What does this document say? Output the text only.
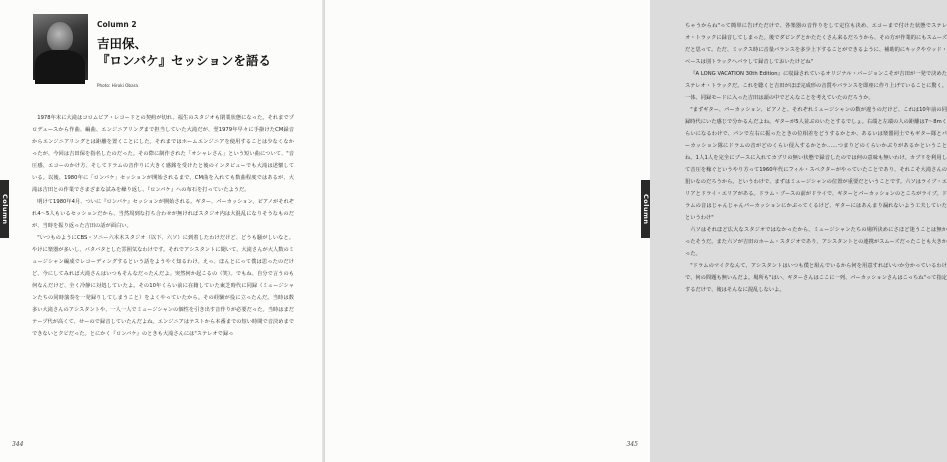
Column
Column 2
吉田保、
『ロンバケ』セッションを語る
Photo: Hiroki Obara

1978年末に大滝はコロムビア・レコードとの契約が切れ、福生のスタジオも閉業状態になった。それまでプロデュースから作曲、編曲、エンジニアリングまで担当していた大滝だが、翌1979年早々に手掛けたCM録音からエンジニアリングとは距離を置くことにした。それまではホームエンジニアを使用することは少なくなかったが、今回は吉田保を指名したのだった。その際に制作された「オシャレさん」という短い曲について、"音圧感、エコーのかけ方、そしてドラムの音作りに大きく感銘を受けたと後のインタビューでも大滝は述懐している。以後、1980年に「ロンバケ」セッションが開始されるまで、CM曲を入れても数曲程度ではあるが、大滝は吉田との作業でさまざまな試みを繰り返し、『ロンバケ』への布石を打っていたようだ。

明けて1980年4月、ついに『ロンバケ』セッションが開始される。ギター、パーカッション、ピアノがそれぞれ4〜5人もいるセッションだから、当然周到な打ち合わせが無ければスタジオ内は大混乱になりそうなものだが、当時を振り返った吉田の話が面白い。

"いつものようにCBS・ソニー六本木スタジオ（以下、六ソ）に到着したわけだけど、どうも騒がしいなと。やけに楽器が多いし、バタバタとした雰囲気なわけです。それでアシスタントに聞いて、大滝さんが大人数のミュージシャン編成でレコーディングするという話をようやく知るわけ。えっ、ほんとにって僕は思ったのだけど、今にしてみれば大滝さんはいつもそんなだったんだよ。突然何か起こるの（笑）。でもね、自分で言うのも何なんだけど、全く冷静に対処していたよ。その10年くらい前に在籍していた東芝時代に同録（ミュージシャンたちの同時演奏を一発録りしてしまうこと）をよくやっていたから。その経験が役に立ったんだ。当時は数多い大滝さんのアシスタントや、一人一人でミュージシャンの個性を引き出す音作りが必要だった。当時はまだテープ代が高くて、せーので録音していたんだよね。エンジニアはテストから本番までの短い時間で音決めまでできないとクビだった。とにかく『ロンバケ』のときも大滝さんには"ステレオで録っ

344
Column

ちゃうからね"って簡単に告げただけで、各楽器の音作りをして定位も決め、エコーまで付けた状態でステレオ・トラックに録音してしまった。後でダビングとかたたくさん来るだろうから、その方が作業的にもスムーズだと思って。ただ、ミックス時に音量バランスを多少上下することができるように、補助的にキックやウッド・ベースは別トラックへバラして録音しておいたけどね"

『A LONG VACATION 30th Edition』に収録されているオリジナル・バージョンこそが吉田が一発で決めたステレオ・トラックだ。これを聴くと吉田がほぼ完成形の音質やバランスを即座に作り上げていることに驚く。一体、同録モードに入った吉田は頭の中でどんなことを考えていたのだろうか。

"まずギター、パーカッション、ピアノと、それぞれミュージシャンの数が違うのだけど、これは10年前の同録時代にいた感じで分かるんだよね。ギターが5人並ぶのいたとするでしょ。右端と左端の人の距離は7〜8mくらいになるわけで、パンで左右に振ったときの位相差をどうするかとか、あるいは楽器同士でもギター隊とパーカッション隊にドラムの音がどのくらい侵入するかとか……つまりどのくらいかぶりがあるかということね。1人1人を完全にブースに入れてカブリの無い状態で録音したのでは何の意味も無いわけ。カブリを利用して音圧を稼ぐというやり方って1960年代にフィル・スペクターがやっていたことであり、それこそ大滝さんの狙いなのだろうから。というわけで、まずはミュージシャンの位置が重要だということです。六ソはライブ・エリアとドライ・エリアがある。ドラム・ブースの前がドライで、ギターとパーカッションのところがライブ。ドラムの音はじゃんじゃんパーカッションにかぶってくるけど、ギターにはあんまり漏れないよう工夫していたというわけ"

六ソはそれほど広大なスタジオではなかったから、ミュージシャンたちの場所決めにさほど迷うことは無かったそうだ。また六ソが吉田のホーム・スタジオであり、アシスタントとの連携がスムーズだったことも大きかった。

"ドラムのマイクなんて、アシスタントはいつも僕と組んでいるから何を用意すればいいか分かっているわけで、何の問題も無いんだよ。場所も"はい、ギターさんはここに一列、パーカッションさんはこっちね"って指定するだけで、後はそんなに混乱しないよ。

345
